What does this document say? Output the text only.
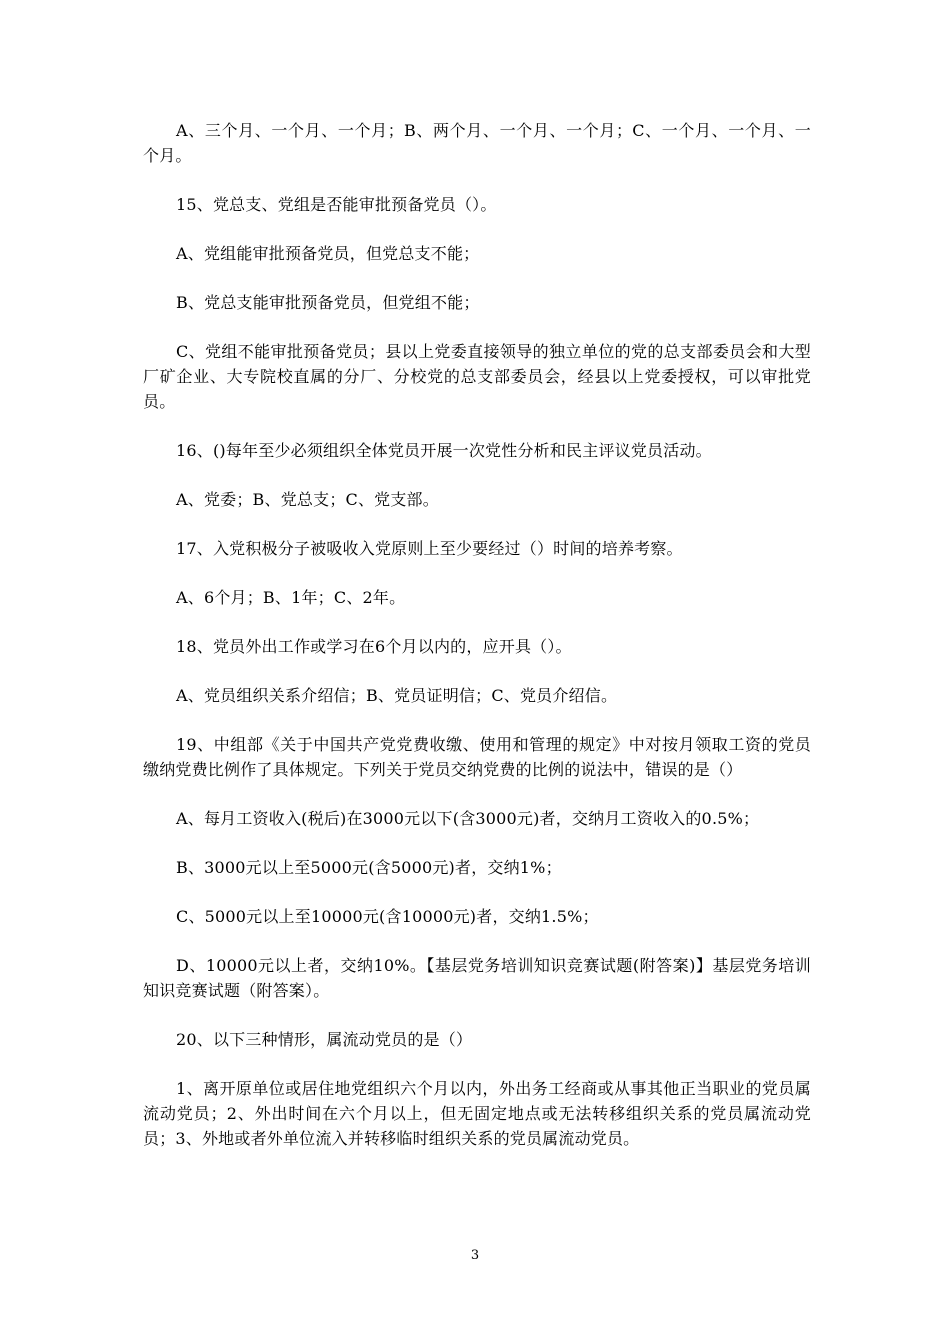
A、三个月、一个月、一个月；B、两个月、一个月、一个月；C、一个月、一个月、一个月。

15、党总支、党组是否能审批预备党员（）。

A、党组能审批预备党员，但党总支不能；

B、党总支能审批预备党员，但党组不能；

C、党组不能审批预备党员；县以上党委直接领导的独立单位的党的总支部委员会和大型厂矿企业、大专院校直属的分厂、分校党的总支部委员会，经县以上党委授权，可以审批党员。

16、()每年至少必须组织全体党员开展一次党性分析和民主评议党员活动。

A、党委；B、党总支；C、党支部。

17、入党积极分子被吸收入党原则上至少要经过（）时间的培养考察。

A、6个月；B、1年；C、2年。

18、党员外出工作或学习在6个月以内的，应开具（）。

A、党员组织关系介绍信；B、党员证明信；C、党员介绍信。

19、中组部《关于中国共产党党费收缴、使用和管理的规定》中对按月领取工资的党员缴纳党费比例作了具体规定。下列关于党员交纳党费的比例的说法中，错误的是（）

A、每月工资收入(税后)在3000元以下(含3000元)者，交纳月工资收入的0.5%；

B、3000元以上至5000元(含5000元)者，交纳1%；

C、5000元以上至10000元(含10000元)者，交纳1.5%；

D、10000元以上者，交纳10%。【基层党务培训知识竞赛试题(附答案)】基层党务培训知识竞赛试题（附答案）。

20、以下三种情形，属流动党员的是（）

1、离开原单位或居住地党组织六个月以内，外出务工经商或从事其他正当职业的党员属流动党员；2、外出时间在六个月以上，但无固定地点或无法转移组织关系的党员属流动党员；3、外地或者外单位流入并转移临时组织关系的党员属流动党员。

3
